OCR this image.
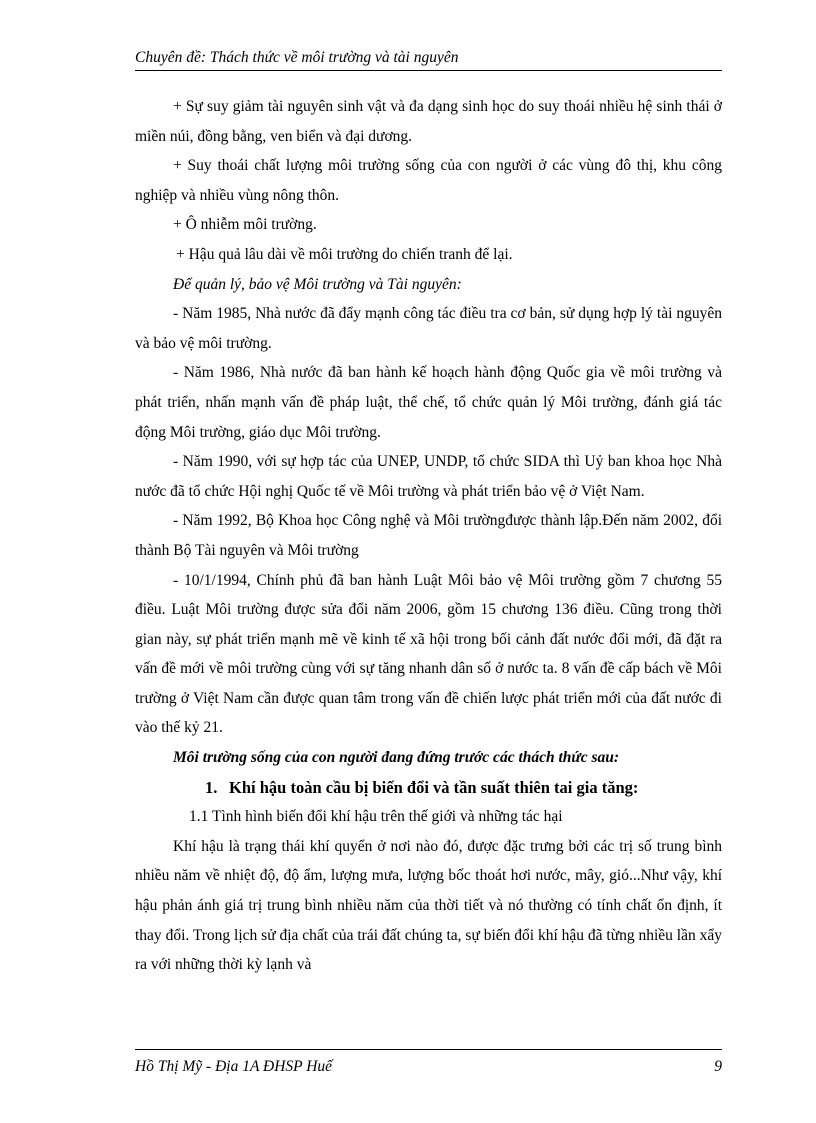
Chuyên đề: Thách thức về môi trường và tài nguyên

+ Sự suy giảm tài nguyên sinh vật và đa dạng sinh học do suy thoái nhiều hệ sinh thái ở miền núi, đồng bằng, ven biển và đại dương.

+ Suy thoái chất lượng môi trường sống của con người ở các vùng đô thị, khu công nghiệp và nhiều vùng nông thôn.

+ Ô nhiễm môi trường.

+ Hậu quả lâu dài về môi trường do chiến tranh để lại.

Để quản lý, bảo vệ Môi trường và Tài nguyên:

- Năm 1985, Nhà nước đã đẩy mạnh công tác điều tra cơ bản, sử dụng hợp lý tài nguyên và bảo vệ môi trường.

- Năm 1986, Nhà nước đã ban hành kế hoạch hành động Quốc gia về môi trường và phát triển, nhấn mạnh vấn đề pháp luật, thể chế, tổ chức quản lý Môi trường, đánh giá tác động Môi trường, giáo dục Môi trường.

- Năm 1990, với sự hợp tác của UNEP, UNDP, tổ chức SIDA thì Uỷ ban khoa học Nhà nước đã tổ chức Hội nghị Quốc tế về Môi trường và phát triển bảo vệ ở Việt Nam.

- Năm 1992, Bộ Khoa học Công nghệ và Môi trườngđược thành lập.Đến năm 2002, đổi thành Bộ Tài nguyên và Môi trường

- 10/1/1994, Chính phủ đã ban hành Luật Môi bảo vệ Môi trường gồm 7 chương 55 điều. Luật Môi trường được sửa đổi năm 2006, gồm 15 chương 136 điều. Cũng trong thời gian này, sự phát triển mạnh mẽ về kinh tế xã hội trong bối cảnh đất nước đổi mới, đã đặt ra vấn đề mới về môi trường cùng với sự tăng nhanh dân số ở nước ta. 8 vấn đề cấp bách về Môi trường ở Việt Nam cần được quan tâm trong vấn đề chiến lược phát triển mới của đất nước đi vào thế kỷ 21.

Môi trường sống của con người đang đứng trước các thách thức sau:

1. Khí hậu toàn cầu bị biến đổi và tần suất thiên tai gia tăng:

1.1 Tình hình biến đổi khí hậu trên thế giới và những tác hại

Khí hậu là trạng thái khí quyển ở nơi nào đó, được đặc trưng bởi các trị số trung bình nhiều năm về nhiệt độ, độ ẩm, lượng mưa, lượng bốc thoát hơi nước, mây, gió...Như vậy, khí hậu phản ánh giá trị trung bình nhiều năm của thời tiết và nó thường có tính chất ổn định, ít thay đổi. Trong lịch sử địa chất của trái đất chúng ta, sự biến đổi khí hậu đã từng nhiều lần xẩy ra với những thời kỳ lạnh và

Hồ Thị Mỹ - Địa 1A ĐHSP Huế	9
